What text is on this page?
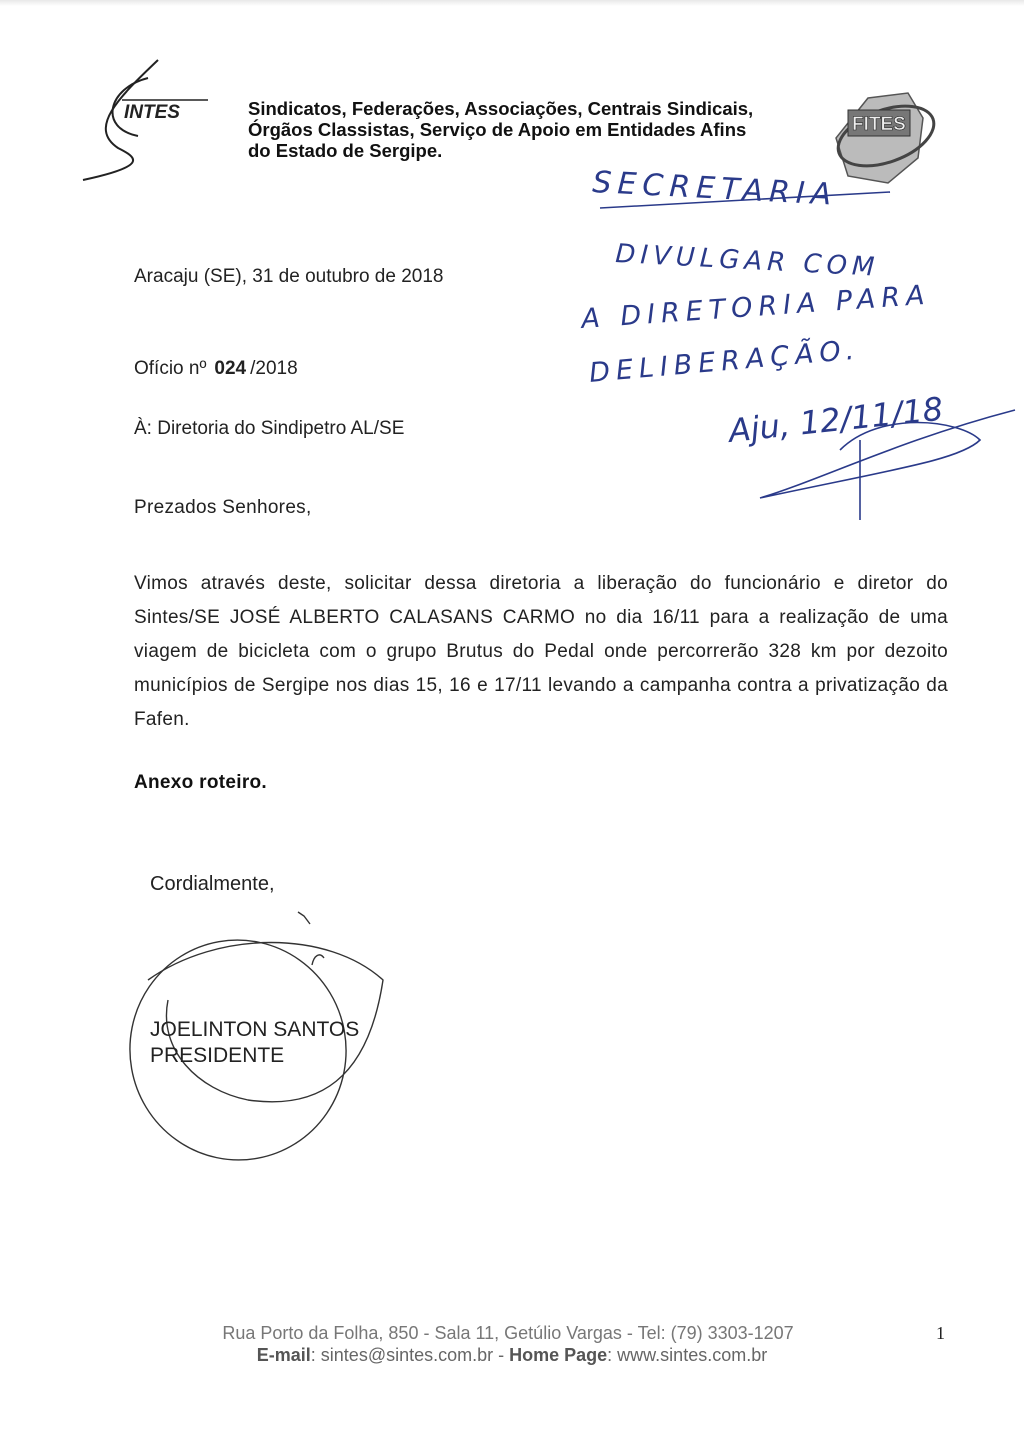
INTES	Sindicatos, Federações, Associações, Centrais Sindicais,
Órgãos Classistas, Serviço de Apoio em Entidades Afins
do Estado de Sergipe.
FITES
SECRETARIA
DIVULGAR COM
A DIRETORIA PARA
DELIBERAÇÃO.
Aju, 12/11/18
Aracaju (SE), 31 de outubro de 2018
Ofício nº 024 /2018
À: Diretoria do Sindipetro AL/SE
Prezados Senhores,
Vimos através deste, solicitar dessa diretoria a liberação do funcionário e diretor do Sintes/SE JOSÉ ALBERTO CALASANS CARMO no dia 16/11 para a realização de uma viagem de bicicleta com o grupo Brutus do Pedal onde percorrerão 328 km por dezoito municípios de Sergipe nos dias 15, 16 e 17/11 levando a campanha contra a privatização da Fafen.
Anexo roteiro.
Cordialmente,
JOELINTON SANTOS
PRESIDENTE
Rua Porto da Folha, 850 - Sala 11, Getúlio Vargas - Tel: (79) 3303-1207
E-mail: sintes@sintes.com.br - Home Page: www.sintes.com.br
1
